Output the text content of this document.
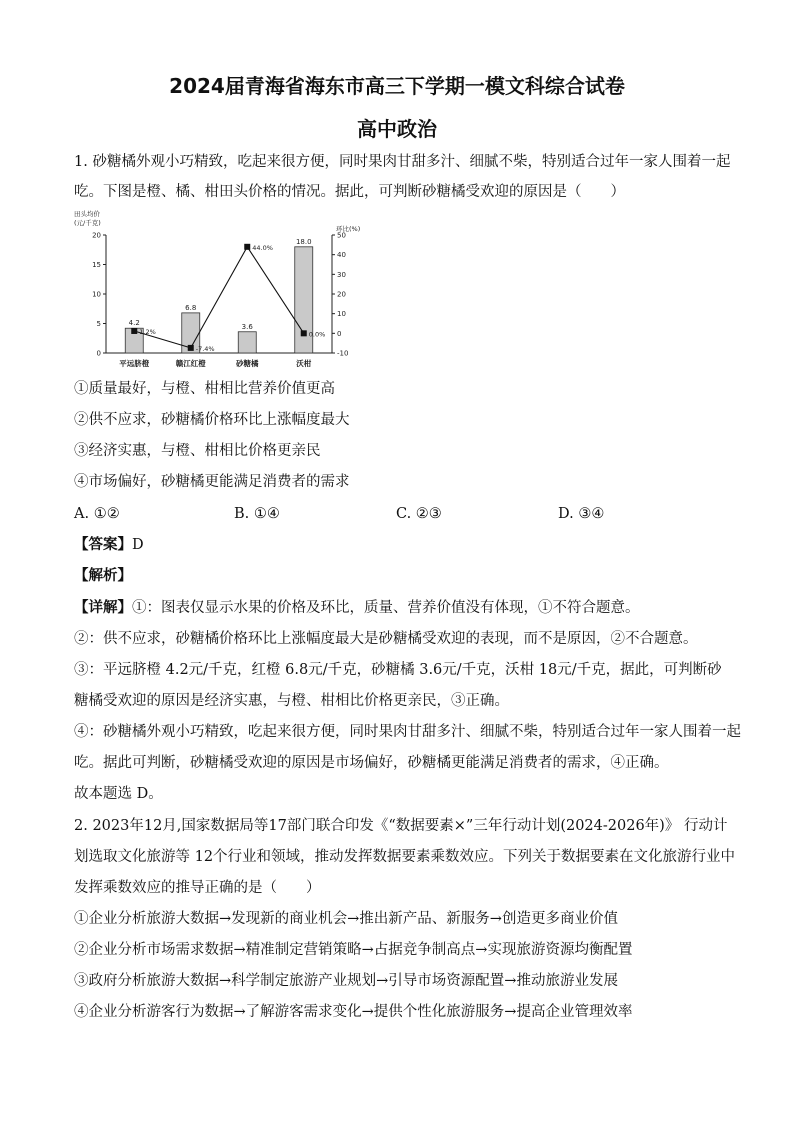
2024届青海省海东市高三下学期一模文科综合试卷
高中政治
1. 砂糖橘外观小巧精致，吃起来很方便，同时果肉甘甜多汁、细腻不柴，特别适合过年一家人围着一起
吃。下图是橙、橘、柑田头价格的情况。据此，可判断砂糖橘受欢迎的原因是（　　）
田头均价
(元/千克)
环比(%)
0
5
10
15
20
-10
0
10
20
30
40
50
4.2
6.8
3.6
18.0
1.2%
-7.4%
44.0%
0.0%
平远脐橙	赣江红橙	砂糖橘	沃柑
①质量最好，与橙、柑相比营养价值更高
②供不应求，砂糖橘价格环比上涨幅度最大
③经济实惠，与橙、柑相比价格更亲民
④市场偏好，砂糖橘更能满足消费者的需求
A. ①②	B. ①④	C. ②③	D. ③④
【答案】D
【解析】
【详解】①：图表仅显示水果的价格及环比，质量、营养价值没有体现，①不符合题意。
②：供不应求，砂糖橘价格环比上涨幅度最大是砂糖橘受欢迎的表现，而不是原因，②不合题意。
③：平远脐橙 4.2元/千克，红橙 6.8元/千克，砂糖橘 3.6元/千克，沃柑 18元/千克，据此，可判断砂
糖橘受欢迎的原因是经济实惠，与橙、柑相比价格更亲民，③正确。
④：砂糖橘外观小巧精致，吃起来很方便，同时果肉甘甜多汁、细腻不柴，特别适合过年一家人围着一起
吃。据此可判断，砂糖橘受欢迎的原因是市场偏好，砂糖橘更能满足消费者的需求，④正确。
故本题选 D。
2. 2023年12月,国家数据局等17部门联合印发《“数据要素×”三年行动计划(2024-2026年)》 行动计
划选取文化旅游等 12个行业和领域，推动发挥数据要素乘数效应。下列关于数据要素在文化旅游行业中
发挥乘数效应的推导正确的是（　　）
①企业分析旅游大数据→发现新的商业机会→推出新产品、新服务→创造更多商业价值
②企业分析市场需求数据→精准制定营销策略→占据竞争制高点→实现旅游资源均衡配置
③政府分析旅游大数据→科学制定旅游产业规划→引导市场资源配置→推动旅游业发展
④企业分析游客行为数据→了解游客需求变化→提供个性化旅游服务→提高企业管理效率
